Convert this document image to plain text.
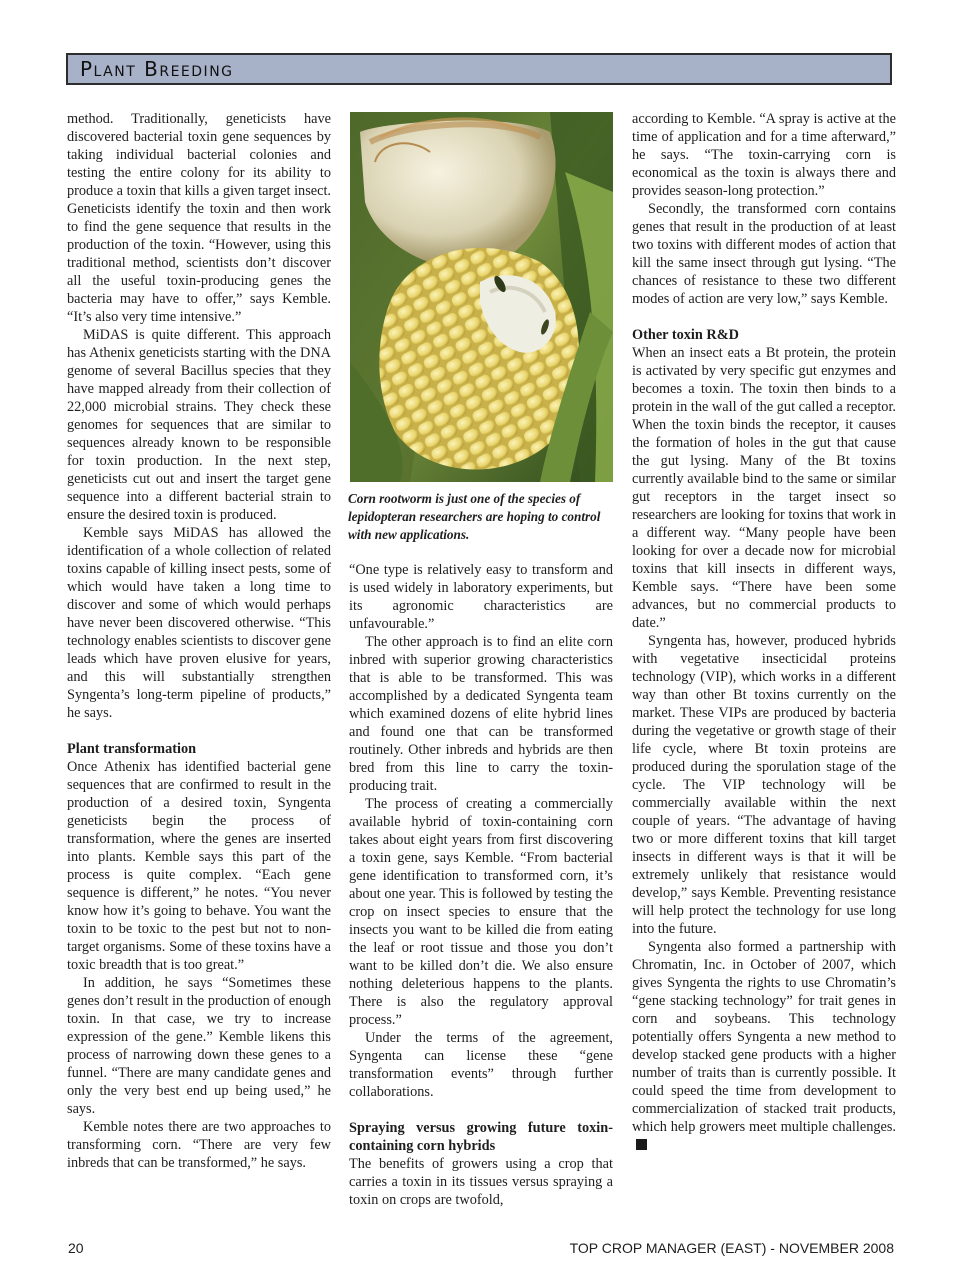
Plant Breeding

method. Traditionally, geneticists have discovered bacterial toxin gene sequences by taking individual bacterial colonies and testing the entire colony for its ability to produce a toxin that kills a given target insect. Geneticists identify the toxin and then work to find the gene sequence that results in the production of the toxin. “However, using this traditional method, scientists don’t discover all the useful toxin-producing genes the bacteria may have to offer,” says Kemble. “It’s also very time intensive.”

MiDAS is quite different. This approach has Athenix geneticists starting with the DNA genome of several Bacillus species that they have mapped already from their collection of 22,000 microbial strains. They check these genomes for sequences that are similar to sequences already known to be responsible for toxin production. In the next step, geneticists cut out and insert the target gene sequence into a different bacterial strain to ensure the desired toxin is produced.

Kemble says MiDAS has allowed the identification of a whole collection of related toxins capable of killing insect pests, some of which would have taken a long time to discover and some of which would perhaps have never been discovered otherwise. “This technology enables scientists to discover gene leads which have proven elusive for years, and this will substantially strengthen Syngenta’s long-term pipeline of products,” he says.

Plant transformation

Once Athenix has identified bacterial gene sequences that are confirmed to result in the production of a desired toxin, Syngenta geneticists begin the process of transformation, where the genes are inserted into plants. Kemble says this part of the process is quite complex. “Each gene sequence is different,” he notes. “You never know how it’s going to behave. You want the toxin to be toxic to the pest but not to non-target organisms. Some of these toxins have a toxic breadth that is too great.”

In addition, he says “Sometimes these genes don’t result in the production of enough toxin. In that case, we try to increase expression of the gene.” Kemble likens this process of narrowing down these genes to a funnel. “There are many candidate genes and only the very best end up being used,” he says.

Kemble notes there are two approaches to transforming corn. “There are very few inbreds that can be transformed,” he says.

Corn rootworm is just one of the species of lepidopteran researchers are hoping to control with new applications.

“One type is relatively easy to transform and is used widely in laboratory experiments, but its agronomic characteristics are unfavourable.”

The other approach is to find an elite corn inbred with superior growing characteristics that is able to be transformed. This was accomplished by a dedicated Syngenta team which examined dozens of elite hybrid lines and found one that can be transformed routinely. Other inbreds and hybrids are then bred from this line to carry the toxin-producing trait.

The process of creating a commercially available hybrid of toxin-containing corn takes about eight years from first discovering a toxin gene, says Kemble. “From bacterial gene identification to transformed corn, it’s about one year. This is followed by testing the crop on insect species to ensure that the insects you want to be killed die from eating the leaf or root tissue and those you don’t want to be killed don’t die. We also ensure nothing deleterious happens to the plants. There is also the regulatory approval process.”

Under the terms of the agreement, Syngenta can license these “gene transformation events” through further collaborations.

Spraying versus growing future toxin-containing corn hybrids

The benefits of growers using a crop that carries a toxin in its tissues versus spraying a toxin on crops are twofold,

according to Kemble. “A spray is active at the time of application and for a time afterward,” he says. “The toxin-carrying corn is economical as the toxin is always there and provides season-long protection.”

Secondly, the transformed corn contains genes that result in the production of at least two toxins with different modes of action that kill the same insect through gut lysing. “The chances of resistance to these two different modes of action are very low,” says Kemble.

Other toxin R&D

When an insect eats a Bt protein, the protein is activated by very specific gut enzymes and becomes a toxin. The toxin then binds to a protein in the wall of the gut called a receptor. When the toxin binds the receptor, it causes the formation of holes in the gut that cause the gut lysing. Many of the Bt toxins currently available bind to the same or similar gut receptors in the target insect so researchers are looking for toxins that work in a different way. “Many people have been looking for over a decade now for microbial toxins that kill insects in different ways, Kemble says. “There have been some advances, but no commercial products to date.”

Syngenta has, however, produced hybrids with vegetative insecticidal proteins technology (VIP), which works in a different way than other Bt toxins currently on the market. These VIPs are produced by bacteria during the vegetative or growth stage of their life cycle, where Bt toxin proteins are produced during the sporulation stage of the cycle. The VIP technology will be commercially available within the next couple of years. “The advantage of having two or more different toxins that kill target insects in different ways is that it will be extremely unlikely that resistance would develop,” says Kemble. Preventing resistance will help protect the technology for use long into the future.

Syngenta also formed a partnership with Chromatin, Inc. in October of 2007, which gives Syngenta the rights to use Chromatin’s “gene stacking technology” for trait genes in corn and soybeans. This technology potentially offers Syngenta a new method to develop stacked gene products with a higher number of traits than is currently possible. It could speed the time from development to commercialization of stacked trait products, which help growers meet multiple challenges.

20	TOP CROP MANAGER (EAST) - NOVEMBER 2008
